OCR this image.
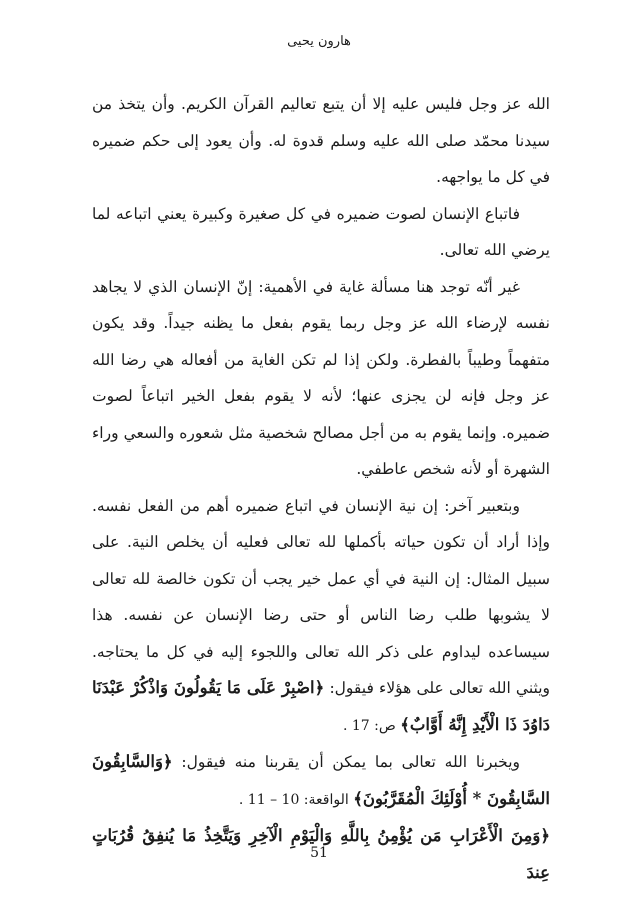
هارون يحيى

الله عز وجل فليس عليه إلا أن يتبع تعاليم القرآن الكريم. وأن يتخذ من سيدنا محمّد صلى الله عليه وسلم قدوة له. وأن يعود إلى حكم ضميره في كل ما يواجهه.

فاتباع الإنسان لصوت ضميره في كل صغيرة وكبيرة يعني اتباعه لما يرضي الله تعالى.

غير أنّه توجد هنا مسألة غاية في الأهمية: إنّ الإنسان الذي لا يجاهد نفسه لإرضاء الله عز وجل ربما يقوم بفعل ما يظنه جيداً. وقد يكون متفهماً وطيباً بالفطرة. ولكن إذا لم تكن الغاية من أفعاله هي رضا الله عز وجل فإنه لن يجزى عنها؛ لأنه لا يقوم بفعل الخير اتباعاً لصوت ضميره. وإنما يقوم به من أجل مصالح شخصية مثل شعوره والسعي وراء الشهرة أو لأنه شخص عاطفي.

وبتعبير آخر: إن نية الإنسان في اتباع ضميره أهم من الفعل نفسه. وإذا أراد أن تكون حياته بأكملها لله تعالى فعليه أن يخلص النية. على سبيل المثال: إن النية في أي عمل خير يجب أن تكون خالصة لله تعالى لا يشوبها طلب رضا الناس أو حتى رضا الإنسان عن نفسه. هذا سيساعده ليداوم على ذكر الله تعالى واللجوء إليه في كل ما يحتاجه. ويثني الله تعالى على هؤلاء فيقول: ﴿اصْبِرْ عَلَى مَا يَقُولُونَ وَاذْكُرْ عَبْدَنَا دَاوُدَ ذَا الْأَيْدِ إِنَّهُ أَوَّابٌ﴾ ص: 17 .

ويخبرنا الله تعالى بما يمكن أن يقربنا منه فيقول: ﴿وَالسَّابِقُونَ السَّابِقُونَ * أُوْلَئِكَ الْمُقَرَّبُونَ﴾ الواقعة: 10 – 11 .

﴿وَمِنَ الْأَعْرَابِ مَن يُؤْمِنُ بِاللَّهِ وَالْيَوْمِ الْآخِرِ وَيَتَّخِذُ مَا يُنفِقُ قُرُبَاتٍ عِندَ

51
